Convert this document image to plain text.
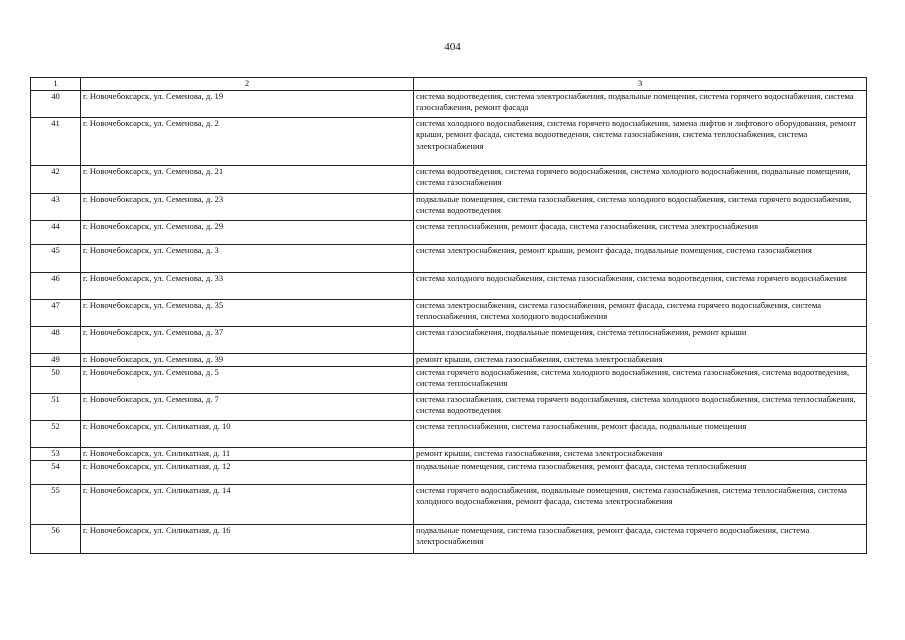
404
1	2	3
40	г. Новочебоксарск, ул. Семенова, д. 19	система водоотведения, система электроснабжения, подвальные помещения, система горячего водоснабжения, система газоснабжения, ремонт фасада
41	г. Новочебоксарск, ул. Семенова, д. 2	система холодного водоснабжения, система горячего водоснабжения, замена лифтов и лифтового оборудования, ремонт крыши, ремонт фасада, система водоотведения, система газоснабжения, система теплоснабжения, система электроснабжения
42	г. Новочебоксарск, ул. Семенова, д. 21	система водоотведения, система горячего водоснабжения, система холодного водоснабжения, подвальные помещения, система газоснабжения
43	г. Новочебоксарск, ул. Семенова, д. 23	подвальные помещения, система газоснабжения, система холодного водоснабжения, система горячего водоснабжения, система водоотведения
44	г. Новочебоксарск, ул. Семенова, д. 29	система теплоснабжения, ремонт фасада, система газоснабжения, система электроснабжения
45	г. Новочебоксарск, ул. Семенова, д. 3	система электроснабжения, ремонт крыши, ремонт фасада, подвальные помещения, система газоснабжения
46	г. Новочебоксарск, ул. Семенова, д. 33	система холодного водоснабжения, система газоснабжения, система водоотведения, система горячего водоснабжения
47	г. Новочебоксарск, ул. Семенова, д. 35	система электроснабжения, система газоснабжения, ремонт фасада, система горячего водоснабжения, система теплоснабжения, система холодного водоснабжения
48	г. Новочебоксарск, ул. Семенова, д. 37	система газоснабжения, подвальные помещения, система теплоснабжения, ремонт крыши
49	г. Новочебоксарск, ул. Семенова, д. 39	ремонт крыши, система газоснабжения, система электроснабжения
50	г. Новочебоксарск, ул. Семенова, д. 5	система горячего водоснабжения, система холодного водоснабжения, система газоснабжения, система водоотведения, система теплоснабжения
51	г. Новочебоксарск, ул. Семенова, д. 7	система газоснабжения, система горячего водоснабжения, система холодного водоснабжения, система теплоснабжения, система водоотведения
52	г. Новочебоксарск, ул. Силикатная, д. 10	система теплоснабжения, система газоснабжения, ремонт фасада, подвальные помещения
53	г. Новочебоксарск, ул. Силикатная, д. 11	ремонт крыши, система газоснабжения, система электроснабжения
54	г. Новочебоксарск, ул. Силикатная, д. 12	подвальные помещения, система газоснабжения, ремонт фасада, система теплоснабжения
55	г. Новочебоксарск, ул. Силикатная, д. 14	система горячего водоснабжения, подвальные помещения, система газоснабжения, система теплоснабжения, система холодного водоснабжения, ремонт фасада, система электроснабжения
56	г. Новочебоксарск, ул. Силикатная, д. 16	подвальные помещения, система газоснабжения, ремонт фасада, система горячего водоснабжения, система электроснабжения
